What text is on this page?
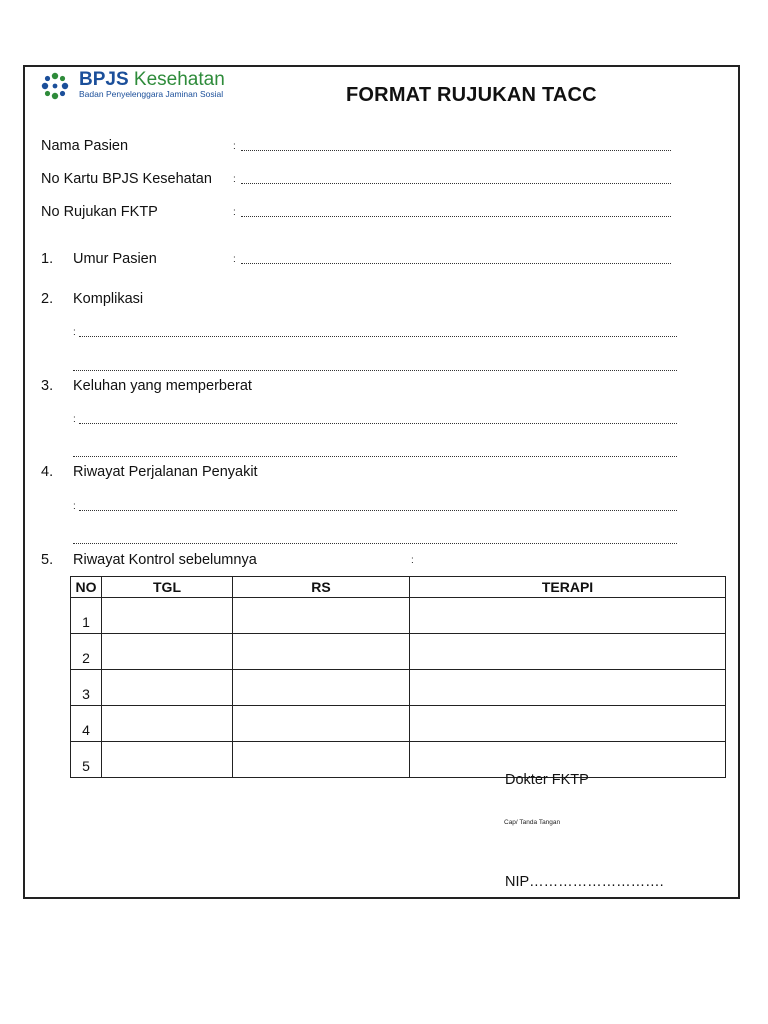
BPJS Kesehatan
Badan Penyelenggara Jaminan Sosial	FORMAT RUJUKAN TACC
Nama Pasien	:
No Kartu BPJS Kesehatan :
No Rujukan FKTP	:
1. Umur Pasien	:
2. Komplikasi
:
3. Keluhan yang memperberat
:
4. Riwayat Perjalanan Penyakit
:
5. Riwayat Kontrol sebelumnya	:
NO	TGL	RS	TERAPI
1			
2			
3			
4			
5			
Dokter FKTP
Cap/ Tanda Tangan
NIP……………………….
